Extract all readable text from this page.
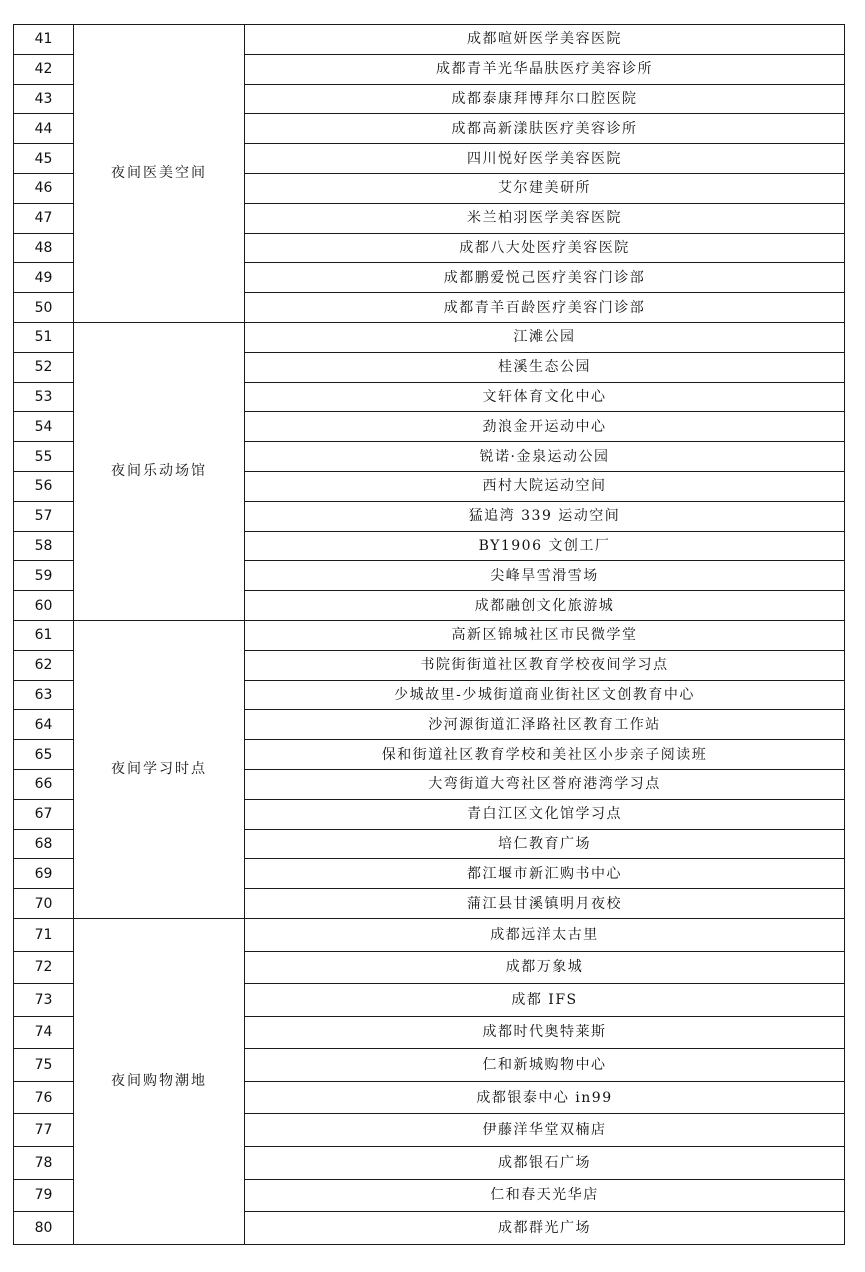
41	夜间医美空间	成都喧妍医学美容医院
42		成都青羊光华晶肤医疗美容诊所
43		成都泰康拜博拜尔口腔医院
44		成都高新漾肤医疗美容诊所
45		四川悦好医学美容医院
46		艾尔建美研所
47		米兰柏羽医学美容医院
48		成都八大处医疗美容医院
49		成都鹏爱悦己医疗美容门诊部
50		成都青羊百龄医疗美容门诊部
51	夜间乐动场馆	江滩公园
52		桂溪生态公园
53		文轩体育文化中心
54		劲浪金开运动中心
55		锐诺·金泉运动公园
56		西村大院运动空间
57		猛追湾 339 运动空间
58		BY1906 文创工厂
59		尖峰旱雪滑雪场
60		成都融创文化旅游城
61	夜间学习时点	高新区锦城社区市民微学堂
62		书院街街道社区教育学校夜间学习点
63		少城故里-少城街道商业街社区文创教育中心
64		沙河源街道汇泽路社区教育工作站
65		保和街道社区教育学校和美社区小步亲子阅读班
66		大弯街道大弯社区誉府港湾学习点
67		青白江区文化馆学习点
68		培仁教育广场
69		都江堰市新汇购书中心
70		蒲江县甘溪镇明月夜校
71	夜间购物潮地	成都远洋太古里
72		成都万象城
73		成都 IFS
74		成都时代奥特莱斯
75		仁和新城购物中心
76		成都银泰中心 in99
77		伊藤洋华堂双楠店
78		成都银石广场
79		仁和春天光华店
80		成都群光广场
